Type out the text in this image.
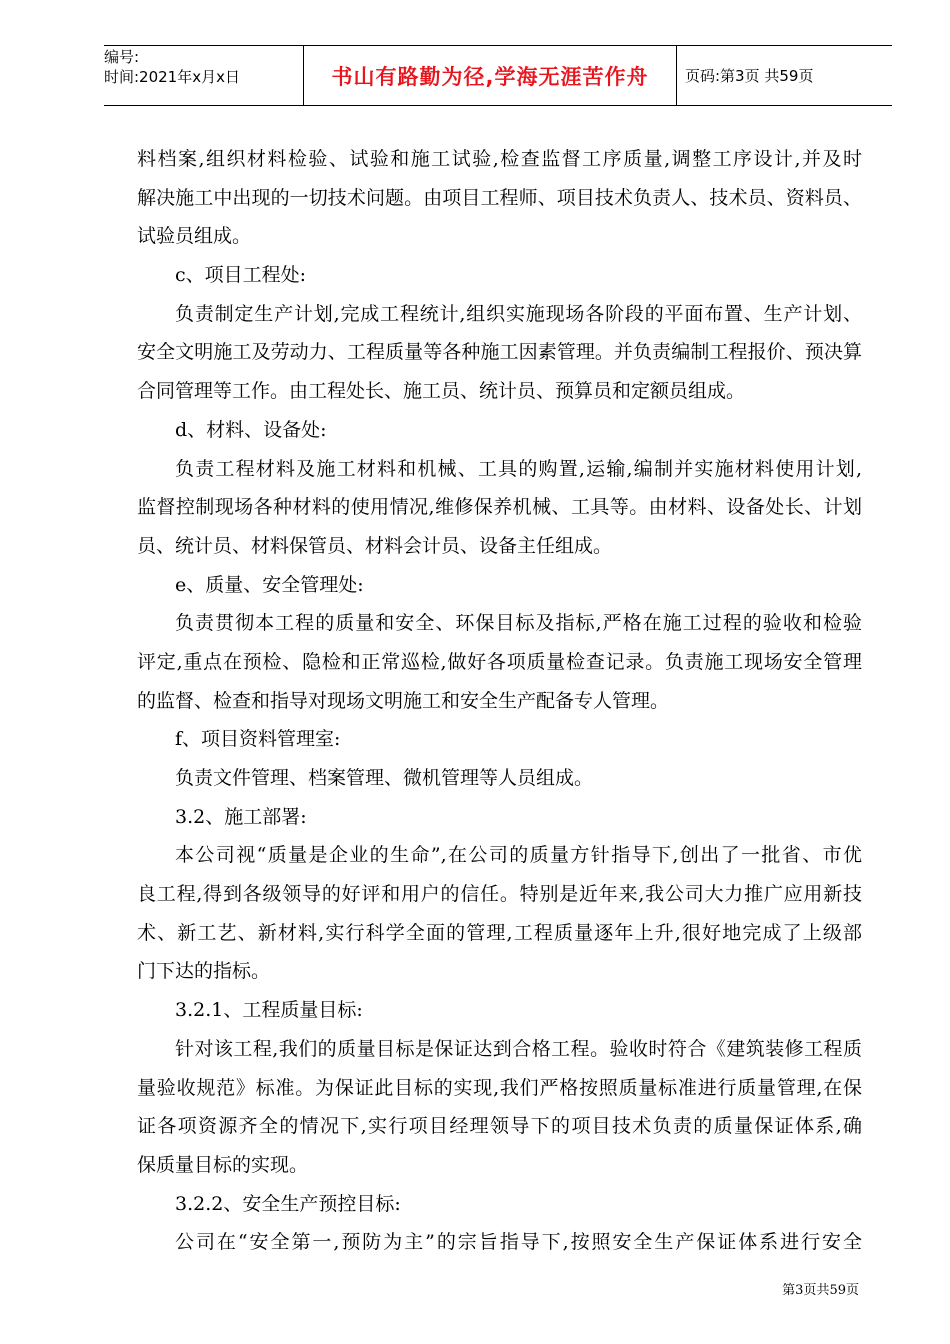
编号:
时间:2021年x月x日	书山有路勤为径,学海无涯苦作舟	页码:第3页 共59页
料档案,组织材料检验、试验和施工试验,检查监督工序质量,调整工序设计,并及时
解决施工中出现的一切技术问题。由项目工程师、项目技术负责人、技术员、资料员、
试验员组成。
c、项目工程处:
负责制定生产计划,完成工程统计,组织实施现场各阶段的平面布置、生产计划、
安全文明施工及劳动力、工程质量等各种施工因素管理。并负责编制工程报价、预决算
合同管理等工作。由工程处长、施工员、统计员、预算员和定额员组成。
d、材料、设备处:
负责工程材料及施工材料和机械、工具的购置,运输,编制并实施材料使用计划,
监督控制现场各种材料的使用情况,维修保养机械、工具等。由材料、设备处长、计划
员、统计员、材料保管员、材料会计员、设备主任组成。
e、质量、安全管理处:
负责贯彻本工程的质量和安全、环保目标及指标,严格在施工过程的验收和检验
评定,重点在预检、隐检和正常巡检,做好各项质量检查记录。负责施工现场安全管理
的监督、检查和指导对现场文明施工和安全生产配备专人管理。
f、项目资料管理室:
负责文件管理、档案管理、微机管理等人员组成。
3.2、施工部署:
本公司视“质量是企业的生命”,在公司的质量方针指导下,创出了一批省、市优
良工程,得到各级领导的好评和用户的信任。特别是近年来,我公司大力推广应用新技
术、新工艺、新材料,实行科学全面的管理,工程质量逐年上升,很好地完成了上级部
门下达的指标。
3.2.1、工程质量目标:
针对该工程,我们的质量目标是保证达到合格工程。验收时符合《建筑装修工程质
量验收规范》标准。为保证此目标的实现,我们严格按照质量标准进行质量管理,在保
证各项资源齐全的情况下,实行项目经理领导下的项目技术负责的质量保证体系,确
保质量目标的实现。
3.2.2、安全生产预控目标:
公司在“安全第一,预防为主”的宗旨指导下,按照安全生产保证体系进行安全
第3页共59页
